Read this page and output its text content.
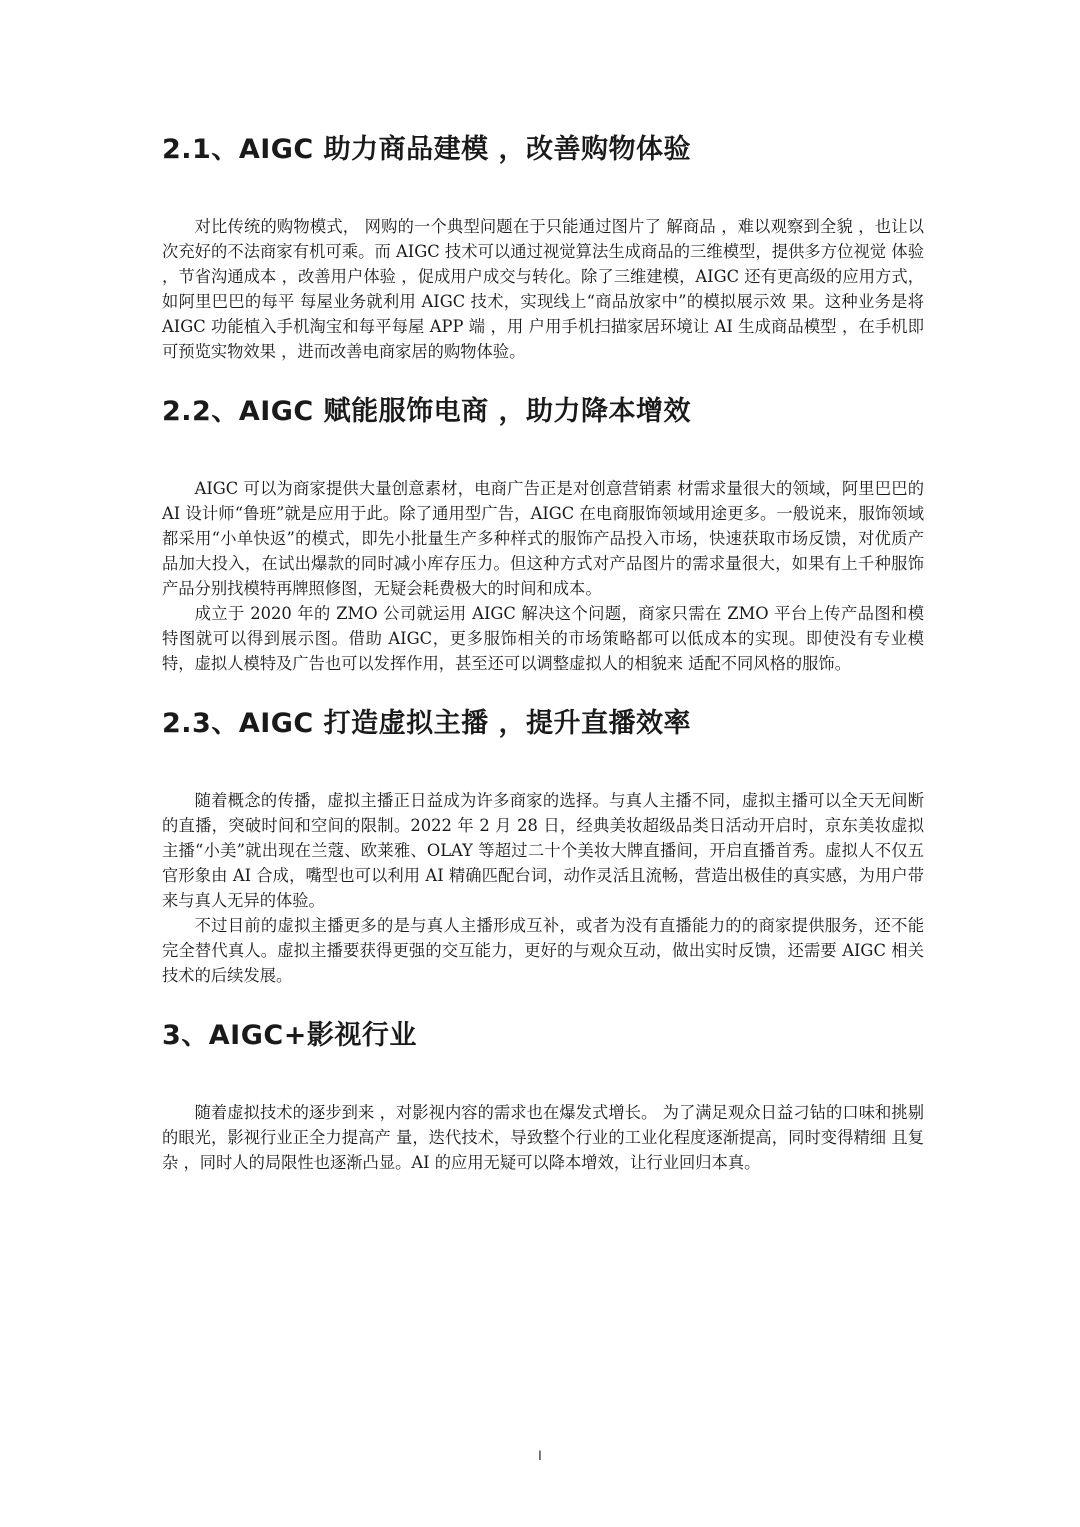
2.1、AIGC 助力商品建模 ，改善购物体验

对比传统的购物模式， 网购的一个典型问题在于只能通过图片了 解商品 ，难以观察到全貌 ，也让以次充好的不法商家有机可乘。而 AIGC 技术可以通过视觉算法生成商品的三维模型，提供多方位视觉 体验 ，节省沟通成本 ，改善用户体验 ，促成用户成交与转化。除了三维建模，AIGC 还有更高级的应用方式，如阿里巴巴的每平 每屋业务就利用 AIGC 技术，实现线上“商品放家中”的模拟展示效 果。这种业务是将 AIGC 功能植入手机淘宝和每平每屋 APP 端 ，用 户用手机扫描家居环境让 AI 生成商品模型 ，在手机即可预览实物效果 ，进而改善电商家居的购物体验。

2.2、AIGC 赋能服饰电商 ，助力降本增效

AIGC 可以为商家提供大量创意素材，电商广告正是对创意营销素 材需求量很大的领域，阿里巴巴的 AI 设计师“鲁班”就是应用于此。除了通用型广告，AIGC 在电商服饰领域用途更多。一般说来，服饰领域都采用“小单快返”的模式，即先小批量生产多种样式的服饰产品投入市场，快速获取市场反馈，对优质产品加大投入，在试出爆款的同时减小库存压力。但这种方式对产品图片的需求量很大，如果有上千种服饰产品分别找模特再牌照修图，无疑会耗费极大的时间和成本。

成立于 2020 年的 ZMO 公司就运用 AIGC 解决这个问题，商家只需在 ZMO 平台上传产品图和模特图就可以得到展示图。借助 AIGC，更多服饰相关的市场策略都可以低成本的实现。即使没有专业模特，虚拟人模特及广告也可以发挥作用，甚至还可以调整虚拟人的相貌来 适配不同风格的服饰。

2.3、AIGC 打造虚拟主播 ，提升直播效率

随着概念的传播，虚拟主播正日益成为许多商家的选择。与真人主播不同，虚拟主播可以全天无间断的直播，突破时间和空间的限制。2022 年 2 月 28 日，经典美妆超级品类日活动开启时，京东美妆虚拟主播“小美”就出现在兰蔻、欧莱雅、OLAY 等超过二十个美妆大牌直播间，开启直播首秀。虚拟人不仅五官形象由 AI 合成，嘴型也可以利用 AI 精确匹配台词，动作灵活且流畅，营造出极佳的真实感，为用户带来与真人无异的体验。

不过目前的虚拟主播更多的是与真人主播形成互补，或者为没有直播能力的的商家提供服务，还不能完全替代真人。虚拟主播要获得更强的交互能力，更好的与观众互动，做出实时反馈，还需要 AIGC 相关技术的后续发展。

3、AIGC+影视行业

随着虚拟技术的逐步到来 ，对影视内容的需求也在爆发式增长。 为了满足观众日益刁钻的口味和挑剔的眼光，影视行业正全力提高产 量，迭代技术，导致整个行业的工业化程度逐渐提高，同时变得精细 且复杂 ，同时人的局限性也逐渐凸显。AI 的应用无疑可以降本增效，让行业回归本真。

I
